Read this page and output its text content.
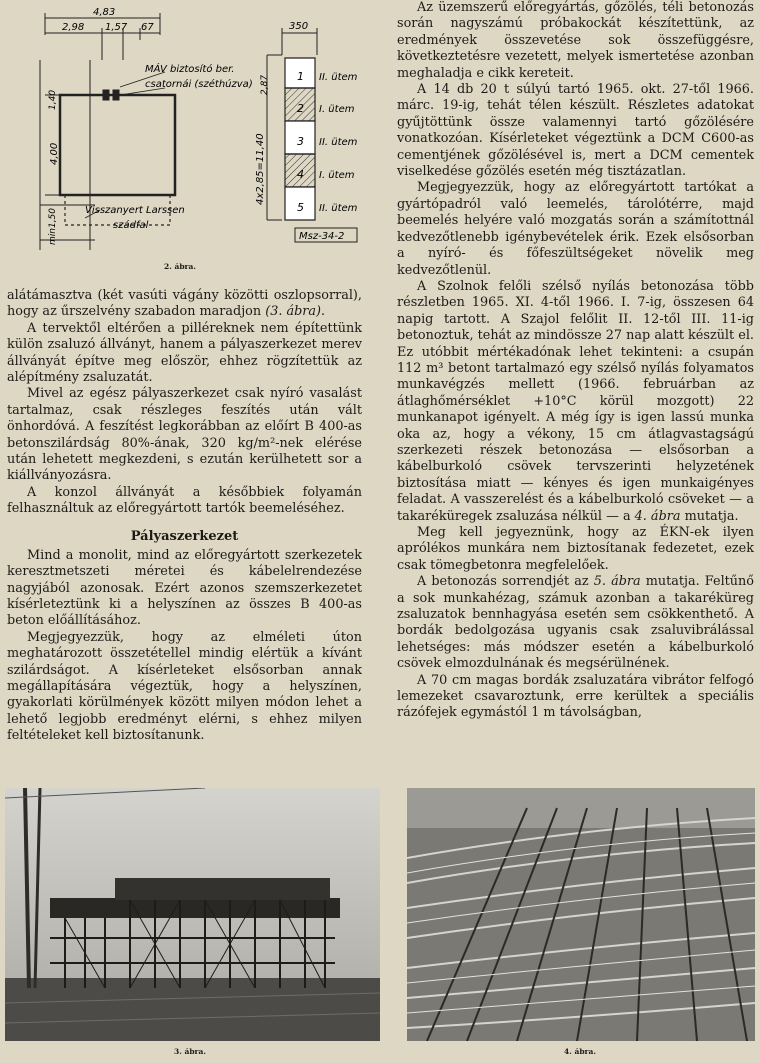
4,83
2,98 1,57 67
1,40
4,00
min1,50
MÁV biztosító ber.
csatornái (széthúzva)
Visszanyert Larssen
szádfal
350
2,87
4x2,85=11,40
1
2
3
4
5
II. ütem
I. ütem
II. ütem
I. ütem
II. ütem
Msz-34-2
2. ábra.

alátámasztva (két vasúti vágány közötti oszlopsorral), hogy az űrszelvény szabadon maradjon (3. ábra).

A tervektől eltérően a pilléreknek nem építettünk külön zsaluzó állványt, hanem a pályaszerkezet merev állványát építve meg először, ehhez rögzítettük az alépítmény zsaluzatát.

Mivel az egész pályaszerkezet csak nyíró vasalást tartalmaz, csak részleges feszítés után vált önhordóvá. A feszítést legkorábban az előírt B 400-as betonszilárdság 80%-ának, 320 kg/m²-nek elérése után lehetett megkezdeni, s ezután kerülhetett sor a kiállványozásra.

A konzol állványát a későbbiek folyamán felhasználtuk az előregyártott tartók beemeléséhez.

Pályaszerkezet

Mind a monolit, mind az előregyártott szerkezetek keresztmetszeti méretei és kábelelrendezése nagyjából azonosak. Ezért azonos szemszerkezetet kísérleteztünk ki a helyszínen az összes B 400-as beton előállításához.

Megjegyezzük, hogy az elméleti úton meghatározott összetétellel mindig elértük a kívánt szilárdságot. A kísérleteket elsősorban annak megállapítására végeztük, hogy a helyszínen, gyakorlati körülmények között milyen módon lehet a lehető legjobb eredményt elérni, s ehhez milyen feltételeket kell biztosítanunk.

Az üzemszerű előregyártás, gőzölés, téli betonozás során nagyszámú próbakockát készítettünk, az eredmények összevetése sok összefüggésre, következtetésre vezetett, melyek ismertetése azonban meghaladja e cikk kereteit.

A 14 db 20 t súlyú tartó 1965. okt. 27-től 1966. márc. 19-ig, tehát télen készült. Részletes adatokat gyűjtöttünk össze valamennyi tartó gőzölésére vonatkozóan. Kísérleteket végeztünk a DCM C600-as cementjének gőzölésével is, mert a DCM cementek viselkedése gőzölés esetén még tisztázatlan.

Megjegyezzük, hogy az előregyártott tartókat a gyártópadról való leemelés, tárolótérre, majd beemelés helyére való mozgatás során a számítottnál kedvezőtlenebb igénybevételek érik. Ezek elsősorban a nyíró- és főfeszültségeket növelik meg kedvezőtlenül.

A Szolnok felőli szélső nyílás betonozása több részletben 1965. XI. 4-től 1966. I. 7-ig, összesen 64 napig tartott. A Szajol felőlit II. 12-től III. 11-ig betonoztuk, tehát az mindössze 27 nap alatt készült el. Ez utóbbit mértékadónak lehet tekinteni: a csupán 112 m³ betont tartalmazó egy szélső nyílás folyamatos munkavégzés mellett (1966. februárban az átlaghőmérséklet +10°C körül mozgott) 22 munkanapot igényelt. A még így is igen lassú munka oka az, hogy a vékony, 15 cm átlagvastagságú szerkezeti részek betonozása — elsősorban a kábelburkoló csövek tervszerinti helyzetének biztosítása miatt — kényes és igen munkaigényes feladat. A vasszerelést és a kábelburkoló csöveket — a takaréküregek zsaluzása nélkül — a 4. ábra mutatja.

Meg kell jegyeznünk, hogy az ÉKN-ek ilyen aprólékos munkára nem biztosítanak fedezetet, ezek csak tömegbetonra megfelelőek.

A betonozás sorrendjét az 5. ábra mutatja. Feltűnő a sok munkahézag, számuk azonban a takaréküreg zsaluzatok bennhagyása esetén sem csökkenthető. A bordák bedolgozása ugyanis csak zsaluvibrálással lehetséges: más módszer esetén a kábelburkoló csövek elmozdulnának és megsérülnének.

A 70 cm magas bordák zsaluzatára vibrátor felfogó lemezeket csavaroztunk, erre kerültek a speciális rázófejek egymástól 1 m távolságban,

3. ábra.	4. ábra.
